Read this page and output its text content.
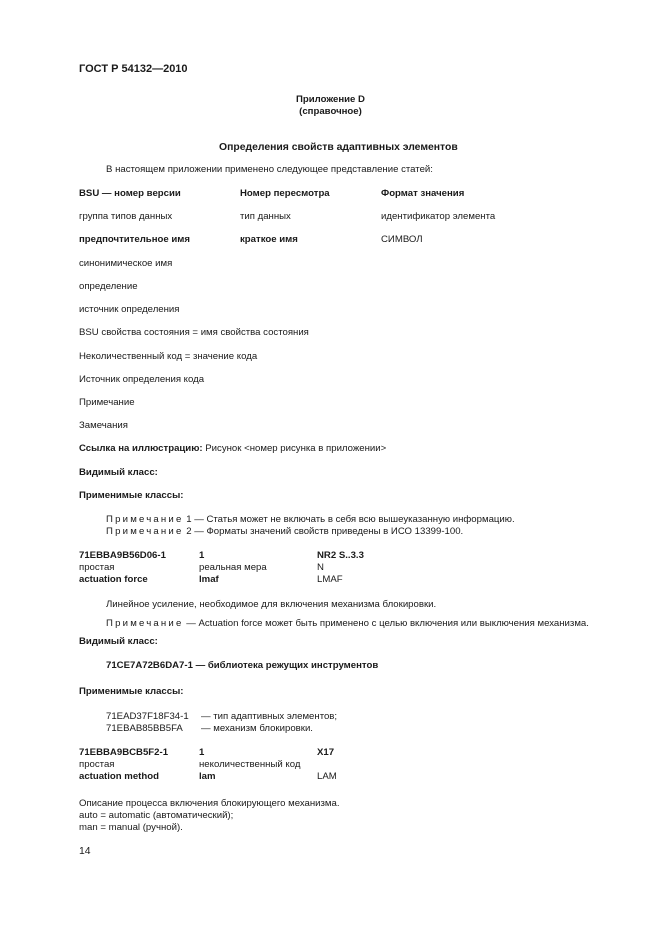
ГОСТ Р 54132—2010
Приложение D
(справочное)
Определения свойств адаптивных элементов
В настоящем приложении применено следующее представление статей:
BSU — номер версии	Номер пересмотра	Формат значения
группа типов данных	тип данных	идентификатор элемента
предпочтительное имя	краткое имя	СИМВОЛ
синонимическое имя
определение
источник определения
BSU свойства состояния = имя свойства состояния
Неколичественный код = значение кода
Источник определения кода
Примечание
Замечания
Ссылка на иллюстрацию: Рисунок <номер рисунка в приложении>
Видимый класс:
Применимые классы:
Примечание 1 — Статья может не включать в себя всю вышеуказанную информацию.
Примечание 2 — Форматы значений свойств приведены в ИСО 13399-100.
71EBBA9B56D06-1	1	NR2 S..3.3
простая	реальная мера	N
actuation force	lmaf	LMAF
Линейное усиление, необходимое для включения механизма блокировки.
Примечание — Actuation force может быть применено с целью включения или выключения механизма.
Видимый класс:
71CE7A72B6DA7-1 — библиотека режущих инструментов
Применимые классы:
71EAD37F18F34-1 — тип адаптивных элементов;
71EBAB85BB5FA — механизм блокировки.
71EBBA9BCB5F2-1	1	X17
простая	неколичественный код
actuation method	lam	LAM
Описание процесса включения блокирующего механизма.
auto = automatic (автоматический);
man = manual (ручной).
14
